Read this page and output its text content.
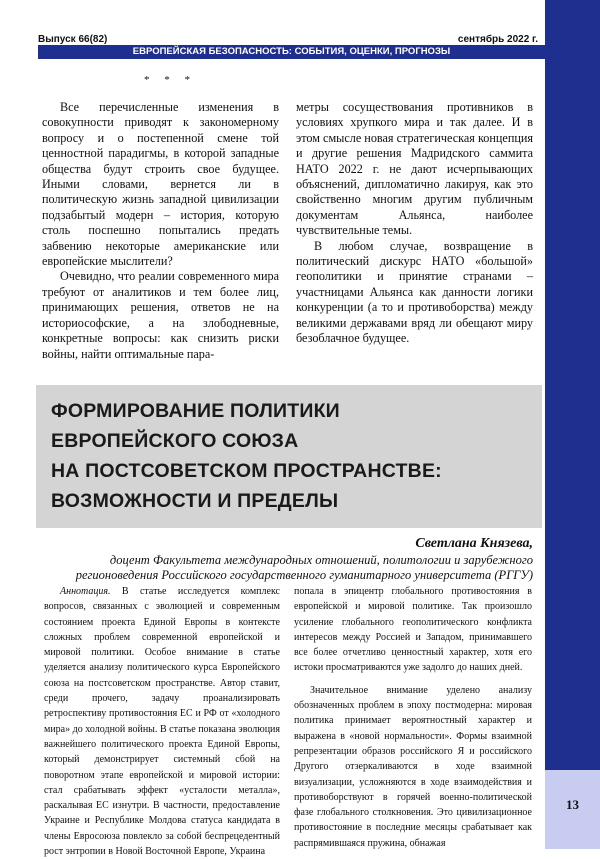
13
Выпуск 66(82)	сентябрь 2022 г.
ЕВРОПЕЙСКАЯ БЕЗОПАСНОСТЬ: СОБЫТИЯ, ОЦЕНКИ, ПРОГНОЗЫ
* * *

Все перечисленные изменения в совокупности приводят к закономерному вопросу и о постепенной смене той ценностной парадигмы, в которой западные общества будут строить свое будущее. Иными словами, вернется ли в политическую жизнь западной цивилизации подзабытый модерн – история, которую столь поспешно попытались предать забвению некоторые американские или европейские мыслители?

Очевидно, что реалии современного мира требуют от аналитиков и тем более лиц, принимающих решения, ответов не на историософские, а на злободневные, конкретные вопросы: как снизить риски войны, найти оптимальные пара-

метры сосуществования противников в условиях хрупкого мира и так далее. И в этом смысле новая стратегическая концепция и другие решения Мадридского саммита НАТО 2022 г. не дают исчерпывающих объяснений, дипломатично лакируя, как это свойственно многим другим публичным документам Альянса, наиболее чувствительные темы.

В любом случае, возвращение в политический дискурс НАТО «большой» геополитики и принятие странами – участницами Альянса как данности логики конкуренции (а то и противоборства) между великими державами вряд ли обещают миру безоблачное будущее.

ФОРМИРОВАНИЕ ПОЛИТИКИ
ЕВРОПЕЙСКОГО СОЮЗА
НА ПОСТСОВЕТСКОМ ПРОСТРАНСТВЕ:
ВОЗМОЖНОСТИ И ПРЕДЕЛЫ
Светлана Князева,
доцент Факультета международных отношений, политологии и зарубежного регионоведения Российского государственного гуманитарного университета (РГГУ)

Аннотация. В статье исследуется комплекс вопросов, связанных с эволюцией и современным состоянием проекта Единой Европы в контексте сложных проблем современной европейской и мировой политики. Особое внимание в статье уделяется анализу политического курса Европейского союза на постсоветском пространстве. Автор ставит, среди прочего, задачу проанализировать ретроспективу противостояния ЕС и РФ от «холодного мира» до холодной войны. В статье показана эволюция важнейшего политического проекта Единой Европы, который демонстрирует системный сбой на поворотном этапе европейской и мировой истории: стал срабатывать эффект «усталости металла», раскалывая ЕС изнутри. В частности, предоставление Украине и Республике Молдова статуса кандидата в члены Евросоюза повлекло за собой беспрецедентный рост энтропии в Новой Восточной Европе, Украина

попала в эпицентр глобального противостояния в европейской и мировой политике. Так произошло усиление глобального геополитического конфликта интересов между Россией и Западом, принимавшего все более отчетливо ценностный характер, хотя его истоки просматриваются уже задолго до наших дней.

Значительное внимание уделено анализу обозначенных проблем в эпоху постмодерна: мировая политика принимает вероятностный характер и выражена в «новой нормальности». Формы взаимной репрезентации образов российского Я и российского Другого отзеркаливаются в ходе взаимной визуализации, усложняются в ходе взаимодействия и противоборствуют в горячей военно-политической фазе глобального столкновения. Это цивилизационное противостояние в последние месяцы срабатывает как распрямившаяся пружина, обнажая
